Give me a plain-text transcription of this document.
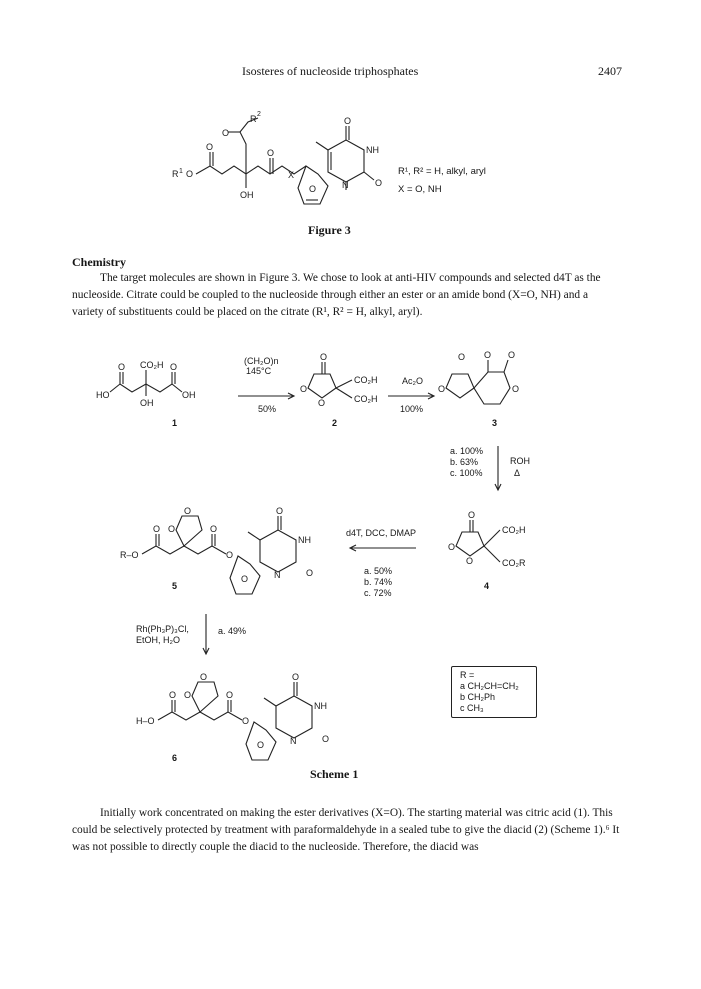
Isosteres of nucleoside triphosphates	2407
O
O
R 2
O
O
NH
R 1 O
OH
X
O	N	O
R¹, R² = H, alkyl, aryl
X = O, NH
Figure 3
Chemistry
The target molecules are shown in Figure 3. We chose to look at anti-HIV compounds and selected d4T as the nucleoside. Citrate could be coupled to the nucleoside through either an ester or an amide bond (X=O, NH) and a variety of substituents could be placed on the citrate (R¹, R² = H, alkyl, aryl).
O CO₂H O
HO
OH
OH
(CH₂O)n
145°C
50%
O
O
CO₂H
O	CO₂H
Ac₂O
100%
O
O
O O
O
1	2	3
a. 100%
b. 63%
c. 100%
ROH
Δ
O
O
O	O
R–O	O
NH
N
O
O
O
d4T, DCC, DMAP
O
O
CO₂H
O	CO₂R
a. 50%
b. 74%
c. 72%
5	4
Rh(Ph₃P)₃Cl,
EtOH, H₂O
a. 49%
O
O
O	O
H–O	O
NH
N
O
O
O
6
R =
a CH₂CH=CH₂
b CH₂Ph
c CH₃
Scheme 1
Initially work concentrated on making the ester derivatives (X=O). The starting material was citric acid (1). This could be selectively protected by treatment with paraformaldehyde in a sealed tube to give the diacid (2) (Scheme 1).⁶ It was not possible to directly couple the diacid to the nucleoside. Therefore, the diacid was
